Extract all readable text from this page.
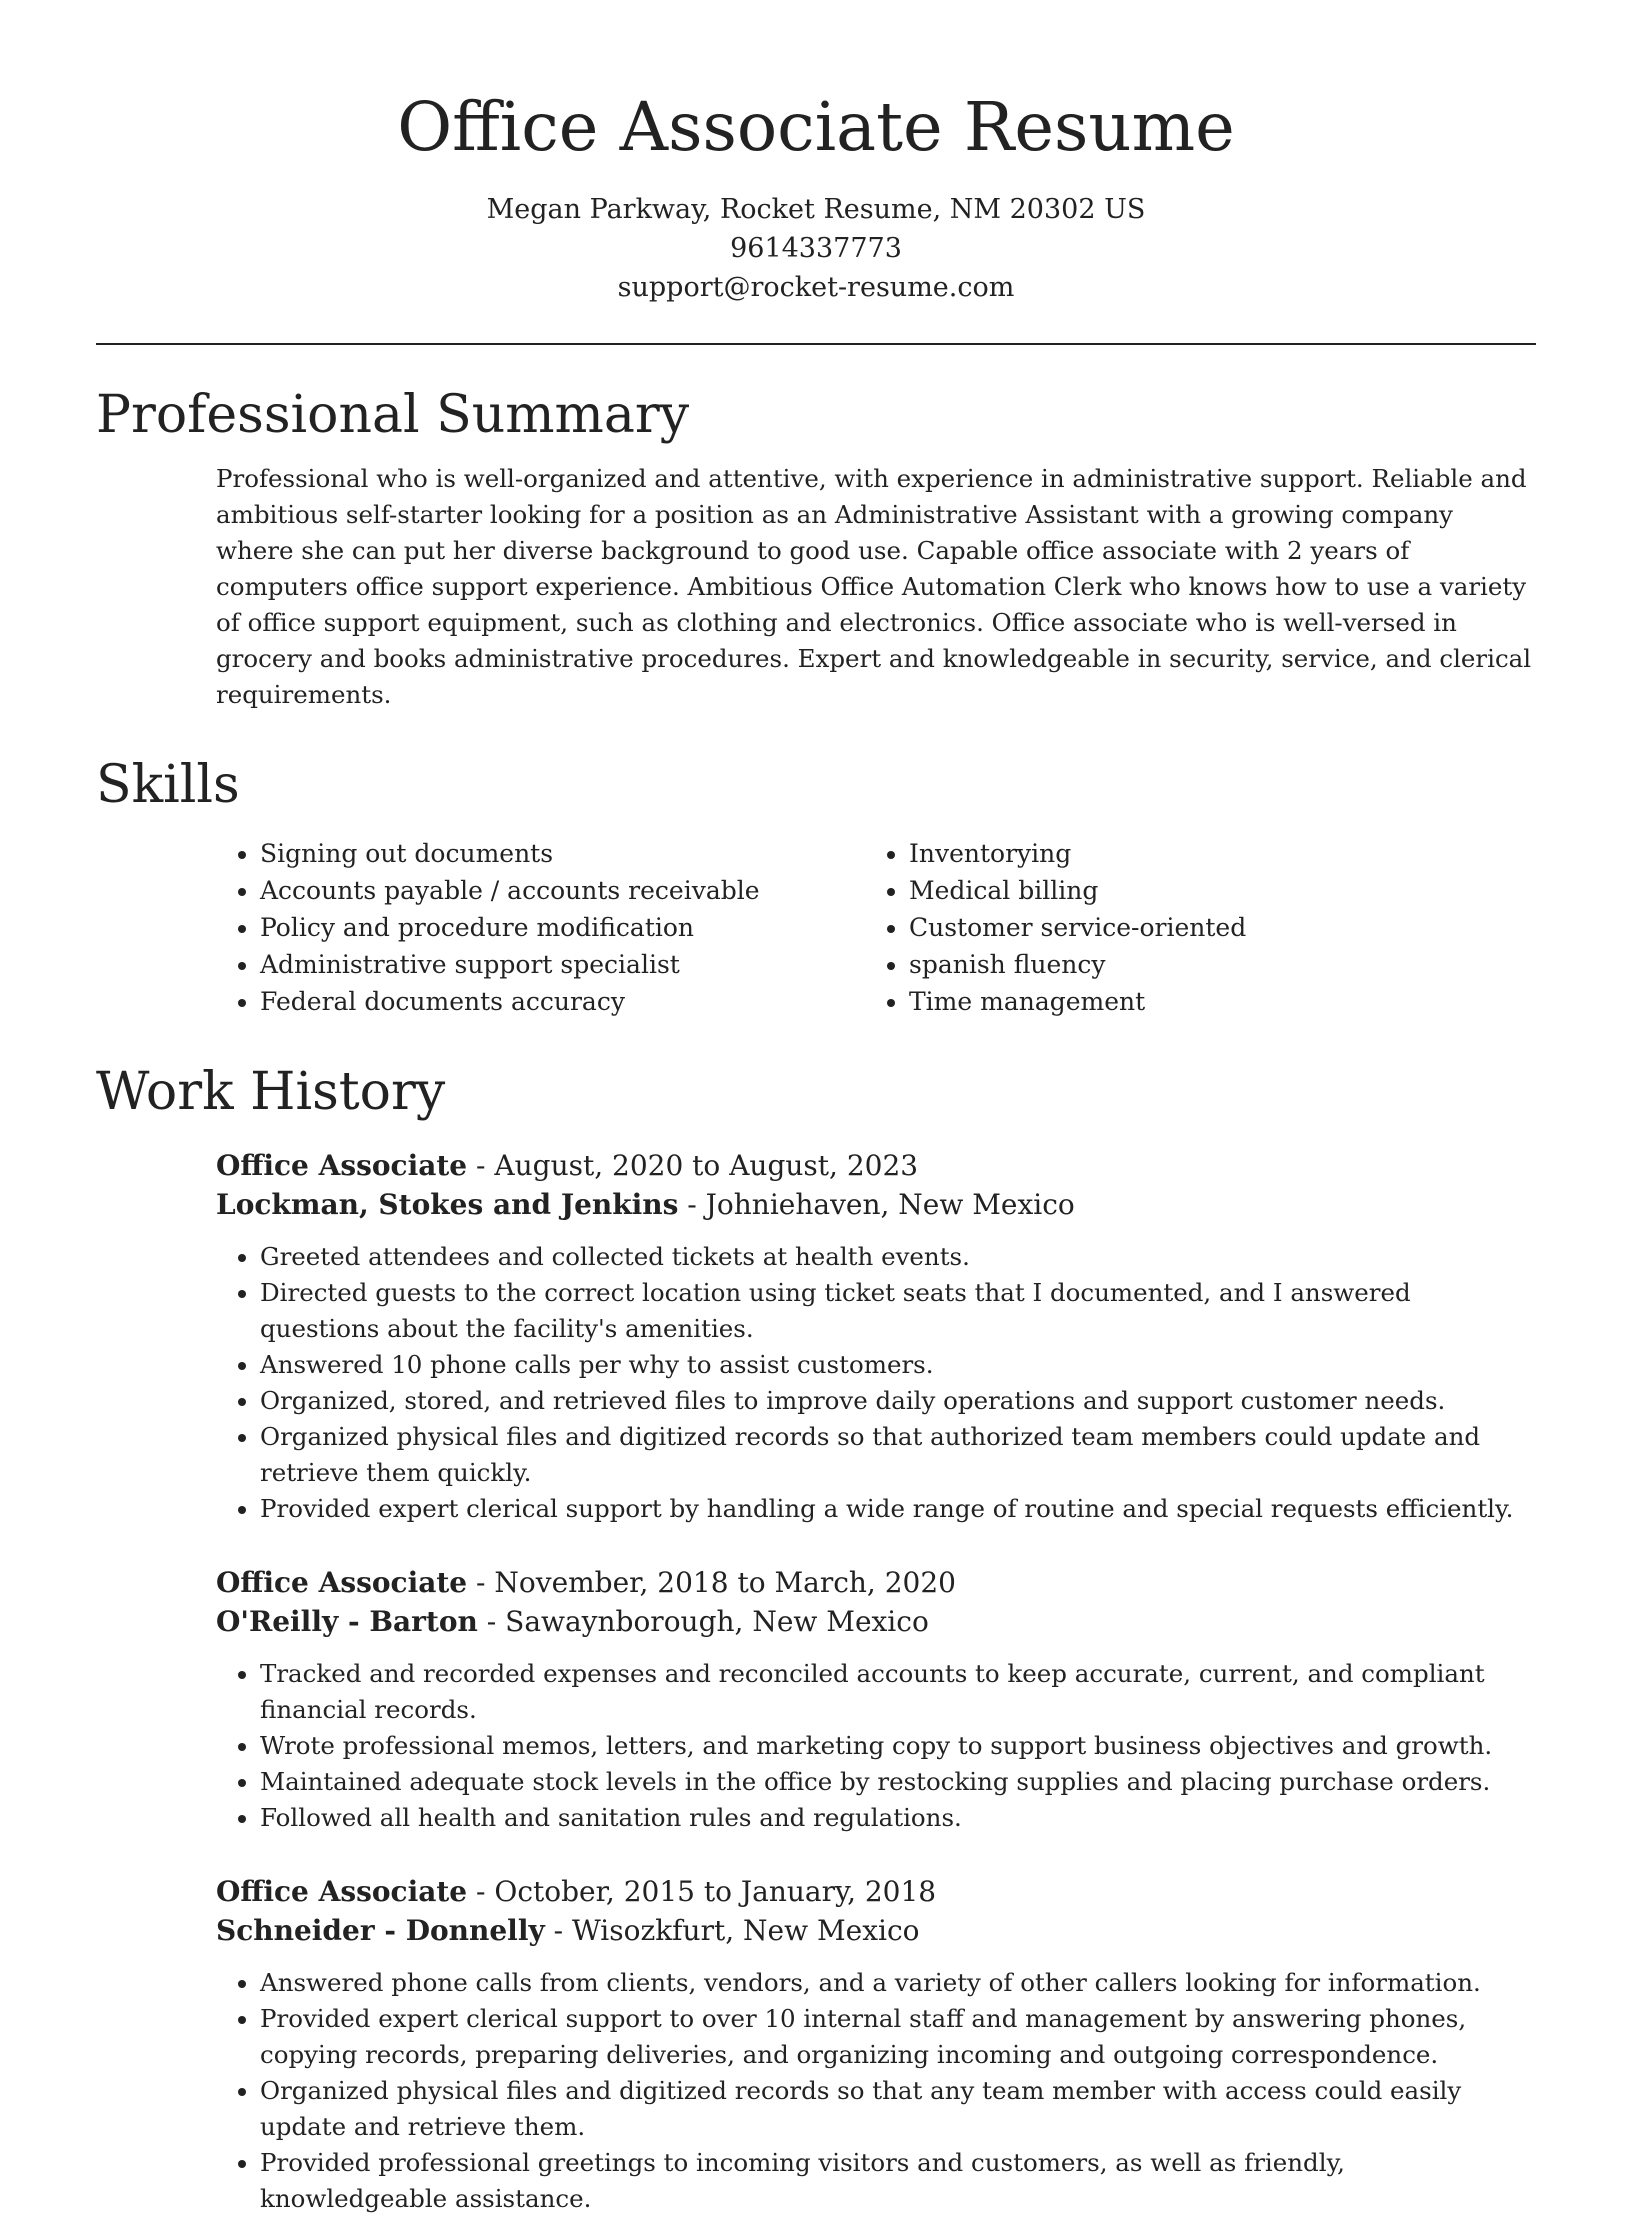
Office Associate Resume
Megan Parkway, Rocket Resume, NM 20302 US
9614337773
support@rocket-resume.com
Professional Summary

Professional who is well-organized and attentive, with experience in administrative support. Reliable and ambitious self-starter looking for a position as an Administrative Assistant with a growing company where she can put her diverse background to good use. Capable office associate with 2 years of computers office support experience. Ambitious Office Automation Clerk who knows how to use a variety of office support equipment, such as clothing and electronics. Office associate who is well-versed in grocery and books administrative procedures. Expert and knowledgeable in security, service, and clerical requirements.

Skills
• Signing out documents
• Accounts payable / accounts receivable
• Policy and procedure modification
• Administrative support specialist
• Federal documents accuracy
• Inventorying
• Medical billing
• Customer service-oriented
• spanish fluency
• Time management
Work History
Office Associate - August, 2020 to August, 2023
Lockman, Stokes and Jenkins - Johniehaven, New Mexico
• Greeted attendees and collected tickets at health events.
• Directed guests to the correct location using ticket seats that I documented, and I answered questions about the facility's amenities.
• Answered 10 phone calls per why to assist customers.
• Organized, stored, and retrieved files to improve daily operations and support customer needs.
• Organized physical files and digitized records so that authorized team members could update and retrieve them quickly.
• Provided expert clerical support by handling a wide range of routine and special requests efficiently.
Office Associate - November, 2018 to March, 2020
O'Reilly - Barton - Sawaynborough, New Mexico
• Tracked and recorded expenses and reconciled accounts to keep accurate, current, and compliant financial records.
• Wrote professional memos, letters, and marketing copy to support business objectives and growth.
• Maintained adequate stock levels in the office by restocking supplies and placing purchase orders.
• Followed all health and sanitation rules and regulations.
Office Associate - October, 2015 to January, 2018
Schneider - Donnelly - Wisozkfurt, New Mexico
• Answered phone calls from clients, vendors, and a variety of other callers looking for information.
• Provided expert clerical support to over 10 internal staff and management by answering phones, copying records, preparing deliveries, and organizing incoming and outgoing correspondence.
• Organized physical files and digitized records so that any team member with access could easily update and retrieve them.
• Provided professional greetings to incoming visitors and customers, as well as friendly, knowledgeable assistance.
